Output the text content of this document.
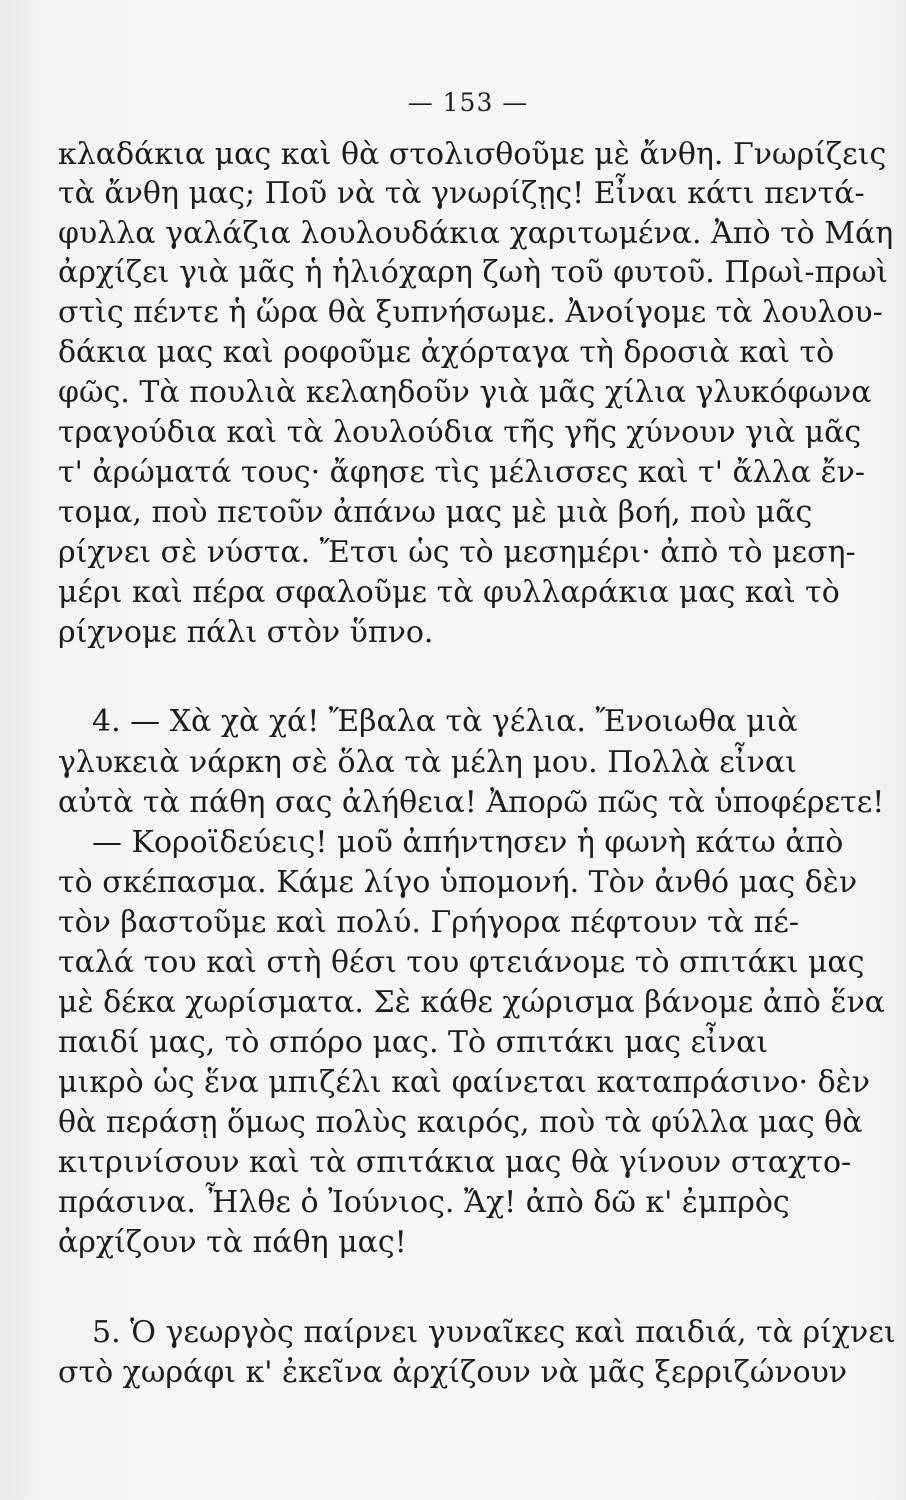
— 153 —
κλαδάκια μας καὶ θὰ στολισθοῦμε μὲ ἄνθη. Γνωρίζεις
τὰ ἄνθη μας; Ποῦ νὰ τὰ γνωρίζῃς! Εἶναι κάτι πεντά-
φυλλα γαλάζια λουλουδάκια χαριτωμένα. Ἀπὸ τὸ Μάη
ἀρχίζει γιὰ μᾶς ἡ ἡλιόχαρη ζωὴ τοῦ φυτοῦ. Πρωὶ-πρωὶ
στὶς πέντε ἡ ὥρα θὰ ξυπνήσωμε. Ἀνοίγομε τὰ λουλου-
δάκια μας καὶ ροφοῦμε ἀχόρταγα τὴ δροσιὰ καὶ τὸ
φῶς. Τὰ πουλιὰ κελαηδοῦν γιὰ μᾶς χίλια γλυκόφωνα
τραγούδια καὶ τὰ λουλούδια τῆς γῆς χύνουν γιὰ μᾶς
τ' ἀρώματά τους· ἄφησε τὶς μέλισσες καὶ τ' ἄλλα ἔν-
τομα, ποὺ πετοῦν ἀπάνω μας μὲ μιὰ βοή, ποὺ μᾶς
ρίχνει σὲ νύστα. Ἔτσι ὡς τὸ μεσημέρι· ἀπὸ τὸ μεση-
μέρι καὶ πέρα σφαλοῦμε τὰ φυλλαράκια μας καὶ τὸ
ρίχνομε πάλι στὸν ὕπνο.
4. — Χὰ χὰ χά! Ἔβαλα τὰ γέλια. Ἔνοιωθα μιὰ
γλυκειὰ νάρκη σὲ ὅλα τὰ μέλη μου. Πολλὰ εἶναι
αὐτὰ τὰ πάθη σας ἀλήθεια! Ἀπορῶ πῶς τὰ ὑποφέρετε!
— Κοροϊδεύεις! μοῦ ἀπήντησεν ἡ φωνὴ κάτω ἀπὸ
τὸ σκέπασμα. Κάμε λίγο ὑπομονή. Τὸν ἀνθό μας δὲν
τὸν βαστοῦμε καὶ πολύ. Γρήγορα πέφτουν τὰ πέ-
ταλά του καὶ στὴ θέσι του φτειάνομε τὸ σπιτάκι μας
μὲ δέκα χωρίσματα. Σὲ κάθε χώρισμα βάνομε ἀπὸ ἕνα
παιδί μας, τὸ σπόρο μας. Τὸ σπιτάκι μας εἶναι
μικρὸ ὡς ἕνα μπιζέλι καὶ φαίνεται καταπράσινο· δὲν
θὰ περάσῃ ὅμως πολὺς καιρός, ποὺ τὰ φύλλα μας θὰ
κιτρινίσουν καὶ τὰ σπιτάκια μας θὰ γίνουν σταχτο-
πράσινα. Ἦλθε ὁ Ἰούνιος. Ἄχ! ἀπὸ δῶ κ' ἐμπρὸς
ἀρχίζουν τὰ πάθη μας!
5. Ὁ γεωργὸς παίρνει γυναῖκες καὶ παιδιά, τὰ ρίχνει
στὸ χωράφι κ' ἐκεῖνα ἀρχίζουν νὰ μᾶς ξερριζώνουν
